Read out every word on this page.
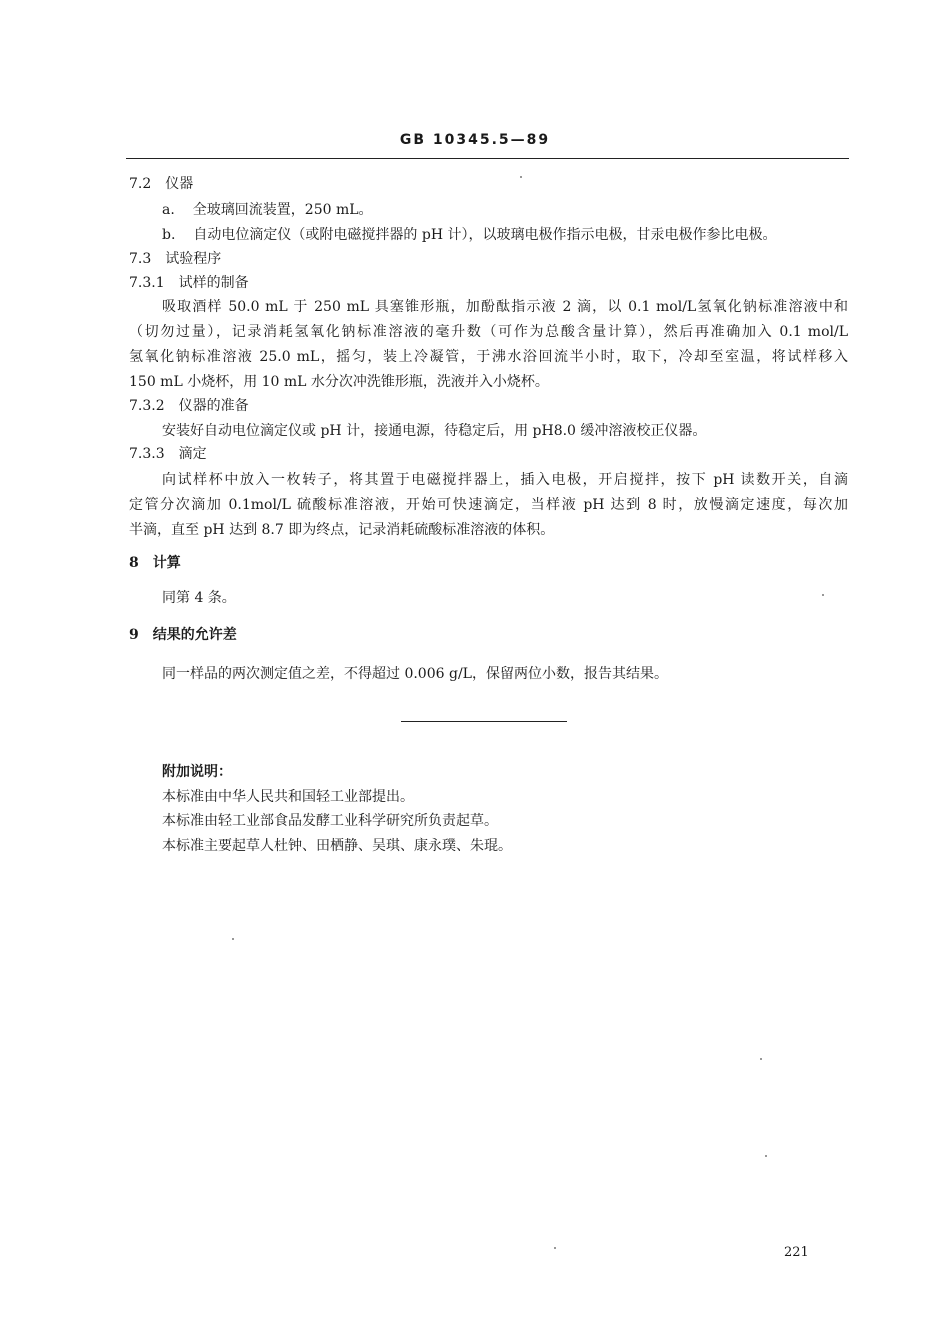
GB 10345.5—89
7.2 仪器
a. 全玻璃回流装置，250 mL。
b. 自动电位滴定仪（或附电磁搅拌器的 pH 计），以玻璃电极作指示电极，甘汞电极作参比电极。
7.3 试验程序
7.3.1 试样的制备
吸取酒样 50.0 mL 于 250 mL 具塞锥形瓶，加酚酞指示液 2 滴，以 0.1 mol/L氢氧化钠标准溶液中和
（切勿过量），记录消耗氢氧化钠标准溶液的毫升数（可作为总酸含量计算），然后再准确加入 0.1 mol/L
氢氧化钠标准溶液 25.0 mL，摇匀，装上冷凝管，于沸水浴回流半小时，取下，冷却至室温，将试样移入
150 mL 小烧杯，用 10 mL 水分次冲洗锥形瓶，洗液并入小烧杯。
7.3.2 仪器的准备
安装好自动电位滴定仪或 pH 计，接通电源，待稳定后，用 pH8.0 缓冲溶液校正仪器。
7.3.3 滴定
向试样杯中放入一枚转子，将其置于电磁搅拌器上，插入电极，开启搅拌，按下 pH 读数开关，自滴
定管分次滴加 0.1mol/L 硫酸标准溶液，开始可快速滴定，当样液 pH 达到 8 时，放慢滴定速度，每次加
半滴，直至 pH 达到 8.7 即为终点，记录消耗硫酸标准溶液的体积。
8 计算
同第 4 条。
9 结果的允许差
同一样品的两次测定值之差，不得超过 0.006 g/L，保留两位小数，报告其结果。
附加说明：
本标准由中华人民共和国轻工业部提出。
本标准由轻工业部食品发酵工业科学研究所负责起草。
本标准主要起草人杜钟、田栖静、吴琪、康永璞、朱琨。
221
